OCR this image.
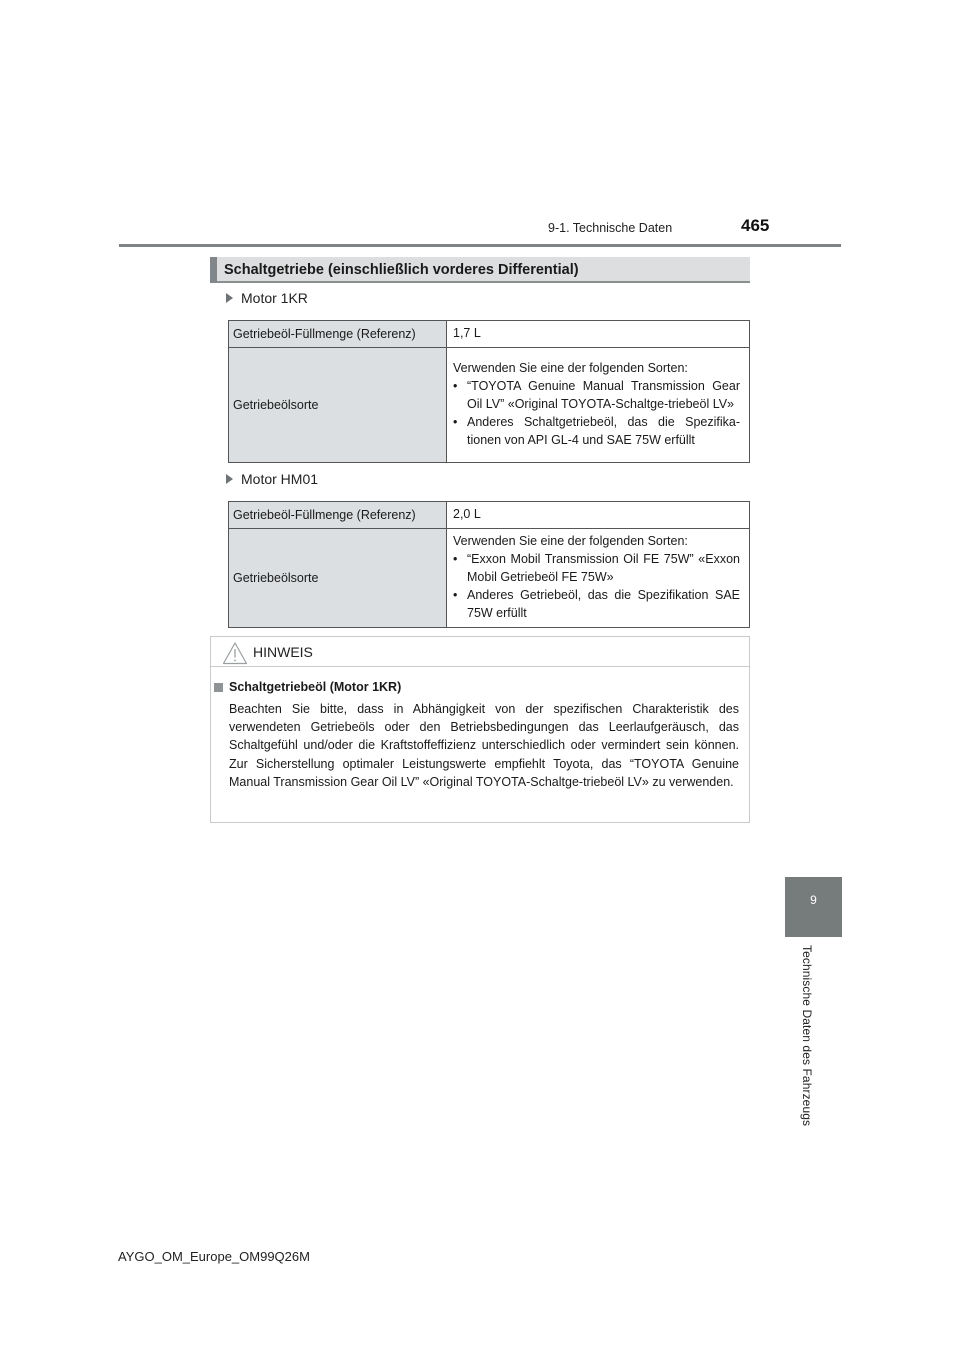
9-1. Technische Daten	465
9
Technische Daten des Fahrzeugs
Schaltgetriebe (einschließlich vorderes Differential)
Motor 1KR
Getriebeöl-Füllmenge (Referenz)	1,7 L
Getriebeölsorte	Verwenden Sie eine der folgenden Sorten:
• “TOYOTA Genuine Manual Transmission Gear Oil LV” «Original TOYOTA-Schaltge-triebeöl LV»
• Anderes Schaltgetriebeöl, das die Spezifika-tionen von API GL-4 und SAE 75W erfüllt
Motor HM01
Getriebeöl-Füllmenge (Referenz)	2,0 L
Getriebeölsorte	Verwenden Sie eine der folgenden Sorten:
• “Exxon Mobil Transmission Oil FE 75W” «Exxon Mobil Getriebeöl FE 75W»
• Anderes Getriebeöl, das die Spezifikation SAE 75W erfüllt
HINWEIS
Schaltgetriebeöl (Motor 1KR)
Beachten Sie bitte, dass in Abhängigkeit von der spezifischen Charakteristik des verwendeten Getriebeöls oder den Betriebsbedingungen das Leerlaufgeräusch, das Schaltgefühl und/oder die Kraftstoffeffizienz unterschiedlich oder vermindert sein können. Zur Sicherstellung optimaler Leistungswerte empfiehlt Toyota, das “TOYOTA Genuine Manual Transmission Gear Oil LV” «Original TOYOTA-Schaltge-triebeöl LV» zu verwenden.
AYGO_OM_Europe_OM99Q26M
